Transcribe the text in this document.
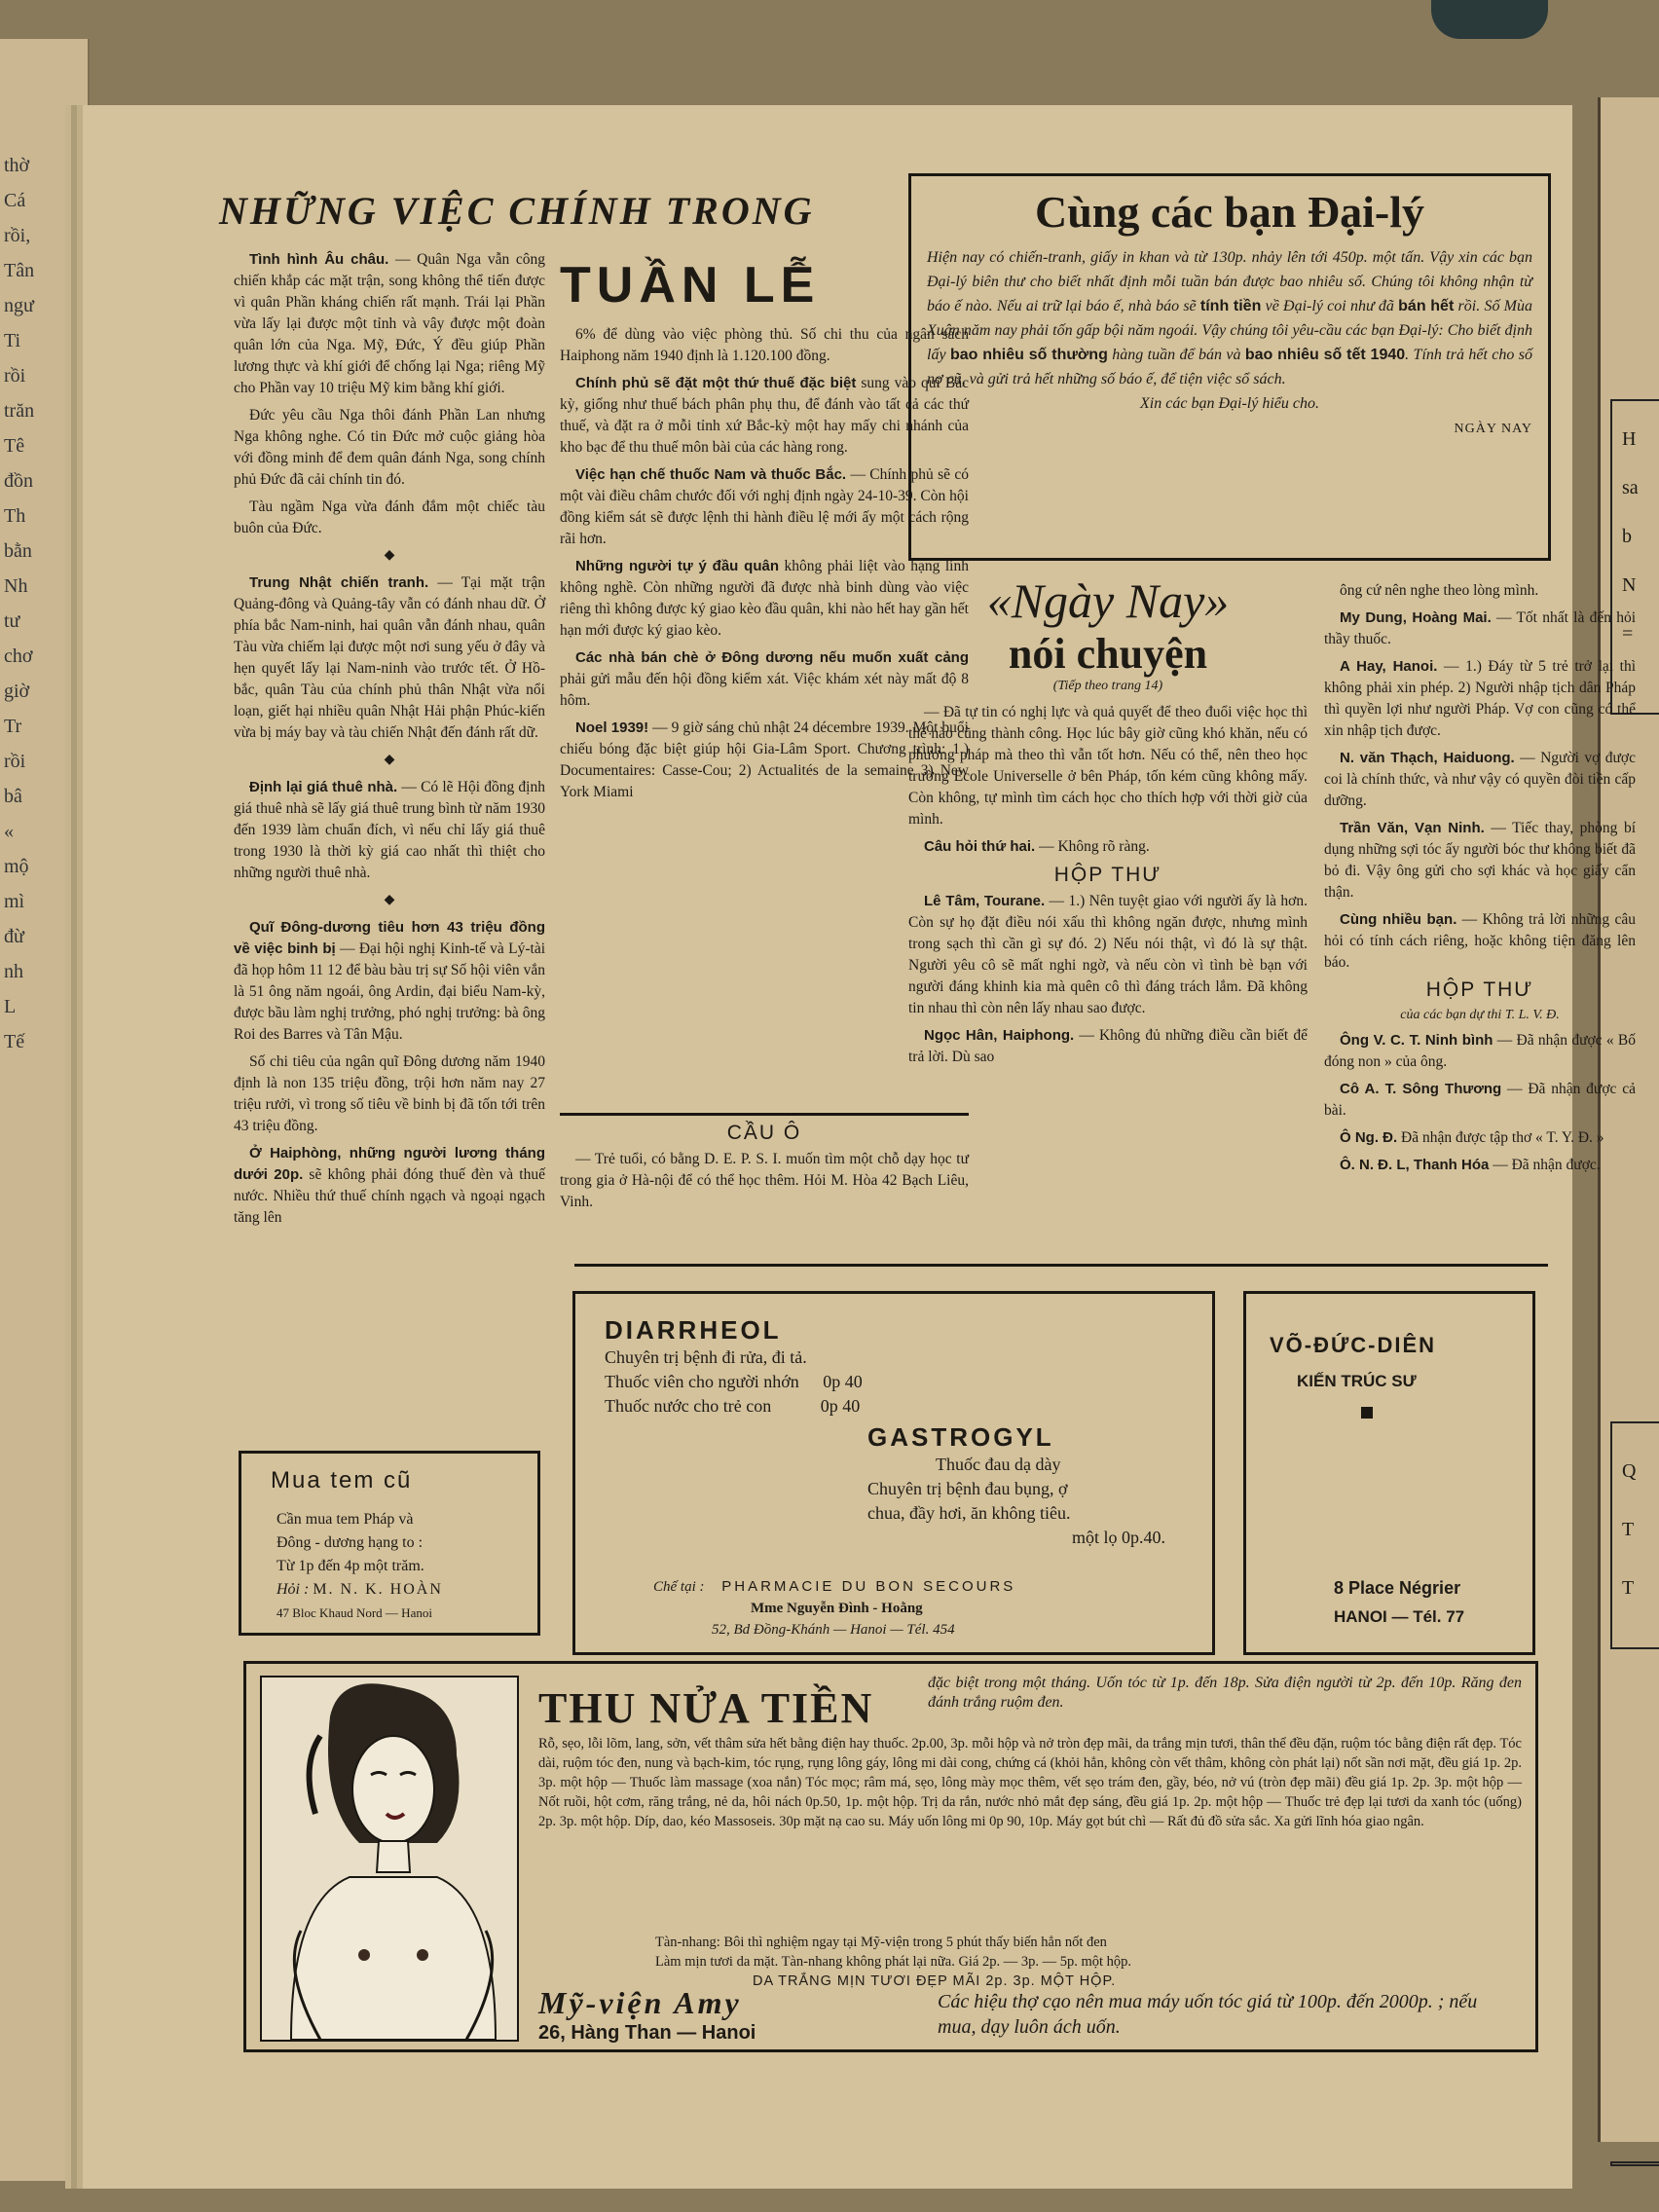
thờ
Cá
rồi,
Tân
ngư
Ti
rồi
trăn
Tê
đồn
Th
bằn
Nh
tư
chơ
giờ
Tr
rồi
bâ
«
mộ
mì
đừ
nh
L
Tế
H
sa
b
N
=
Q
T
T
NHỮNG VIỆC CHÍNH TRONG
TUẦN LỄ

Tình hình Âu châu. — Quân Nga vẫn công chiến khắp các mặt trận, song không thể tiến được vì quân Phần kháng chiến rất mạnh. Trái lại Phần vừa lấy lại được một tỉnh và vây được một đoàn quân lớn của Nga. Mỹ, Đức, Ý đều giúp Phần lương thực và khí giới để chống lại Nga; riêng Mỹ cho Phần vay 10 triệu Mỹ kim bằng khí giới.

Đức yêu cầu Nga thôi đánh Phần Lan nhưng Nga không nghe. Có tin Đức mở cuộc giảng hòa với đồng minh để đem quân đánh Nga, song chính phủ Đức đã cải chính tin đó.

Tàu ngầm Nga vừa đánh đắm một chiếc tàu buôn của Đức.

◆

Trung Nhật chiến tranh. — Tại mặt trận Quảng-đông và Quảng-tây vẫn có đánh nhau dữ. Ở phía bắc Nam-ninh, hai quân vẫn đánh nhau, quân Tàu vừa chiếm lại được một nơi sung yếu ở đây và hẹn quyết lấy lại Nam-ninh vào trước tết. Ở Hồ-bắc, quân Tàu của chính phủ thân Nhật vừa nổi loạn, giết hại nhiều quân Nhật Hải phận Phúc-kiến vừa bị máy bay và tàu chiến Nhật đến đánh rất dữ.

◆

Định lại giá thuê nhà. — Có lẽ Hội đồng định giá thuê nhà sẽ lấy giá thuê trung bình từ năm 1930 đến 1939 làm chuẩn đích, vì nếu chỉ lấy giá thuê trong 1930 là thời kỳ giá cao nhất thì thiệt cho những người thuê nhà.

◆

Quĩ Đông-dương tiêu hơn 43 triệu đồng về việc binh bị — Đại hội nghị Kinh-tế và Lý-tài đã họp hôm 11 12 để bàu bàu trị sự Số hội viên vắn là 51 ông năm ngoái, ông Ardin, đại biểu Nam-kỳ, được bầu làm nghị trưởng, phó nghị trưởng: bà ông Roi des Barres và Tân Mậu.

Số chi tiêu của ngân quĩ Đông dương năm 1940 định là non 135 triệu đồng, trội hơn năm nay 27 triệu rưởi, vì trong số tiêu về binh bị đã tốn tới trên 43 triệu đồng.

Ở Haiphòng, những người lương tháng dưới 20p. sẽ không phải đóng thuế đèn và thuế nước. Nhiều thứ thuế chính ngạch và ngoại ngạch tăng lên

6% để dùng vào việc phòng thủ. Số chi thu của ngân sách Haiphong năm 1940 định là 1.120.100 đồng.

Chính phủ sẽ đặt một thứ thuế đặc biệt sung vào quĩ Bắc kỳ, giống như thuế bách phân phụ thu, để đánh vào tất cả các thứ thuế, và đặt ra ở mỗi tỉnh xứ Bắc-kỳ một hay mấy chi nhánh của kho bạc để thu thuế môn bài của các hàng rong.

Việc hạn chế thuốc Nam và thuốc Bắc. — Chính phủ sẽ có một vài điều châm chước đối với nghị định ngày 24-10-39. Còn hội đồng kiểm sát sẽ được lệnh thi hành điều lệ mới ấy một cách rộng rãi hơn.

Những người tự ý đầu quân không phải liệt vào hạng lính không nghề. Còn những người đã được nhà binh dùng vào việc riêng thì không được ký giao kèo đầu quân, khi nào hết hay gần hết hạn mới được ký giao kèo.

Các nhà bán chè ở Đông dương nếu muốn xuất cảng phải gửi mẫu đến hội đồng kiểm xát. Việc khám xét này mất độ 8 hôm.

Noel 1939! — 9 giờ sáng chủ nhật 24 décembre 1939. Một buổi chiếu bóng đặc biệt giúp hội Gia-Lâm Sport. Chương trình: 1.) Documentaires: Casse-Cou; 2) Actualités de la semaine 3) New York Miami

CẦU Ô

— Trẻ tuổi, có bằng D. E. P. S. I. muốn tìm một chỗ dạy học tư trong gia ở Hà-nội để có thể học thêm. Hỏi M. Hòa 42 Bạch Liêu, Vinh.

Cùng các bạn Đại-lý
Hiện nay có chiến-tranh, giấy in khan và từ 130p. nhảy lên tới 450p. một tấn. Vậy xin các bạn Đại-lý biên thư cho biết nhất định mỗi tuần bán được bao nhiêu số. Chúng tôi không nhận từ báo ế nào. Nếu ai trữ lại báo ế, nhà báo sẽ tính tiền về Đại-lý coi như đã bán hết rồi. Số Mùa Xuân năm nay phải tốn gấp bội năm ngoái. Vậy chúng tôi yêu-cầu các bạn Đại-lý: Cho biết định lấy bao nhiêu số thường hàng tuần để bán và bao nhiêu số tết 1940. Tính trả hết cho số nợ cũ, và gửi trả hết những số báo ế, để tiện việc sổ sách.
Xin các bạn Đại-lý hiểu cho.
NGÀY NAY
«Ngày Nay»
nói chuyện
(Tiếp theo trang 14)

— Đã tự tin có nghị lực và quả quyết để theo đuổi việc học thì thế nào cũng thành công. Học lúc bây giờ cũng khó khăn, nếu có phương pháp mà theo thì vẫn tốt hơn. Nếu có thể, nên theo học trường Ecole Universelle ở bên Pháp, tốn kém cũng không mấy. Còn không, tự mình tìm cách học cho thích hợp với thời giờ của mình.

Câu hỏi thứ hai. — Không rõ ràng.

HỘP THƯ

Lê Tâm, Tourane. — 1.) Nên tuyệt giao với người ấy là hơn. Còn sự họ đặt điều nói xấu thì không ngăn được, nhưng mình trong sạch thì cần gì sự đó. 2) Nếu nói thật, vì đó là sự thật. Người yêu cô sẽ mất nghi ngờ, và nếu còn vì tình bè bạn với người đáng khinh kia mà quên cô thì đáng trách lắm. Đã không tin nhau thì còn nên lấy nhau sao được.

Ngọc Hân, Haiphong. — Không đủ những điều cần biết để trả lời. Dù sao

ông cứ nên nghe theo lòng mình.

My Dung, Hoàng Mai. — Tốt nhất là đến hỏi thầy thuốc.

A Hay, Hanoi. — 1.) Đáy từ 5 trẻ trở lại thì không phải xin phép. 2) Người nhập tịch dân Pháp thì quyền lợi như người Pháp. Vợ con cũng có thể xin nhập tịch được.

N. văn Thạch, Haiduong. — Người vợ được coi là chính thức, và như vậy có quyền đòi tiền cấp dưỡng.

Trần Văn, Vạn Ninh. — Tiếc thay, phòng bí dụng những sợi tóc ấy người bóc thư không biết đã bỏ đi. Vậy ông gửi cho sợi khác và học giấy cẩn thận.

Cùng nhiều bạn. — Không trả lời những câu hỏi có tính cách riêng, hoặc không tiện đăng lên báo.

HỘP THƯ
của các bạn dự thi T. L. V. Đ.

Ông V. C. T. Ninh bình — Đã nhận được « Bố đóng non » của ông.

Cô A. T. Sông Thương — Đã nhận được cả bài.

Ô Ng. Đ. Đã nhận được tập thơ « T. Y. Đ. »

Ô. N. Đ. L, Thanh Hóa — Đã nhận được.

Mua tem cũ
Cần mua tem Pháp và
Đông - dương hạng to :
Từ 1p đến 4p một trăm.
Hỏi : M. N. K. HOÀN
47 Bloc Khaud Nord — Hanoi
DIARRHEOL
Chuyên trị bệnh đi rửa, đi tả.
Thuốc viên cho người nhớn 0p 40
Thuốc nước cho trẻ con	0p 40
GASTROGYL
Thuốc đau dạ dày
Chuyên trị bệnh đau bụng, ợ
chua, đầy hơi, ăn không tiêu.
một lọ 0p.40.
Chế tại : PHARMACIE DU BON SECOURS
Mme Nguyễn Đình - Hoằng
52, Bd Đồng-Khánh — Hanoi — Tél. 454
VÕ-ĐỨC-DIÊN
KIẾN TRÚC SƯ
8 Place Négrier
HANOI — Tél. 77
THU NỬA TIỀN
đặc biệt trong một tháng. Uốn tóc từ 1p. đến 18p. Sửa điện người từ 2p. đến 10p. Răng đen đánh trắng ruộm đen.
Rỗ, sẹo, lỗi lõm, lang, sởn, vết thâm sửa hết bằng điện hay thuốc. 2p.00, 3p. mỗi hộp và nở tròn đẹp mãi, da trắng mịn tươi, thân thể đều đặn, ruộm tóc bằng điện rất đẹp. Tóc dài, ruộm tóc đen, nung và bạch-kim, tóc rụng, rụng lông gáy, lông mi dài cong, chứng cá (khỏi hẳn, không còn vết thâm, không còn phát lại) nốt sần nơi mặt, đều giá 1p. 2p. 3p. một hộp — Thuốc làm massage (xoa nắn) Tóc mọc; râm má, sẹo, lông mày mọc thêm, vết sẹo trám đen, gầy, béo, nở vú (tròn đẹp mãi) đều giá 1p. 2p. 3p. một hộp — Nốt ruồi, hột cơm, răng trắng, nẻ da, hôi nách 0p.50, 1p. một hộp. Trị da rắn, nước nhỏ mắt đẹp sáng, đều giá 1p. 2p. một hộp — Thuốc trẻ đẹp lại tươi da xanh tóc (uống) 2p. 3p. một hộp. Díp, dao, kéo Massoseis. 30p mặt nạ cao su. Máy uốn lông mi 0p 90, 10p. Máy gọt bút chì — Rất đủ đồ sửa sắc. Xa gửi lĩnh hóa giao ngân.
Tàn-nhang: Bôi thì nghiệm ngay tại Mỹ-viện trong 5 phút thấy biến hẳn nốt đen
Làm mịn tươi da mặt. Tàn-nhang không phát lại nữa. Giá 2p. — 3p. — 5p. một hộp.
DA TRẮNG MỊN TƯƠI ĐẸP MÃI 2p. 3p. MỘT HỘP.
Mỹ-viện Amy
26, Hàng Than — Hanoi
Các hiệu thợ cạo nên mua máy uốn tóc giá từ 100p. đến 2000p. ; nếu mua, dạy luôn ách uốn.
